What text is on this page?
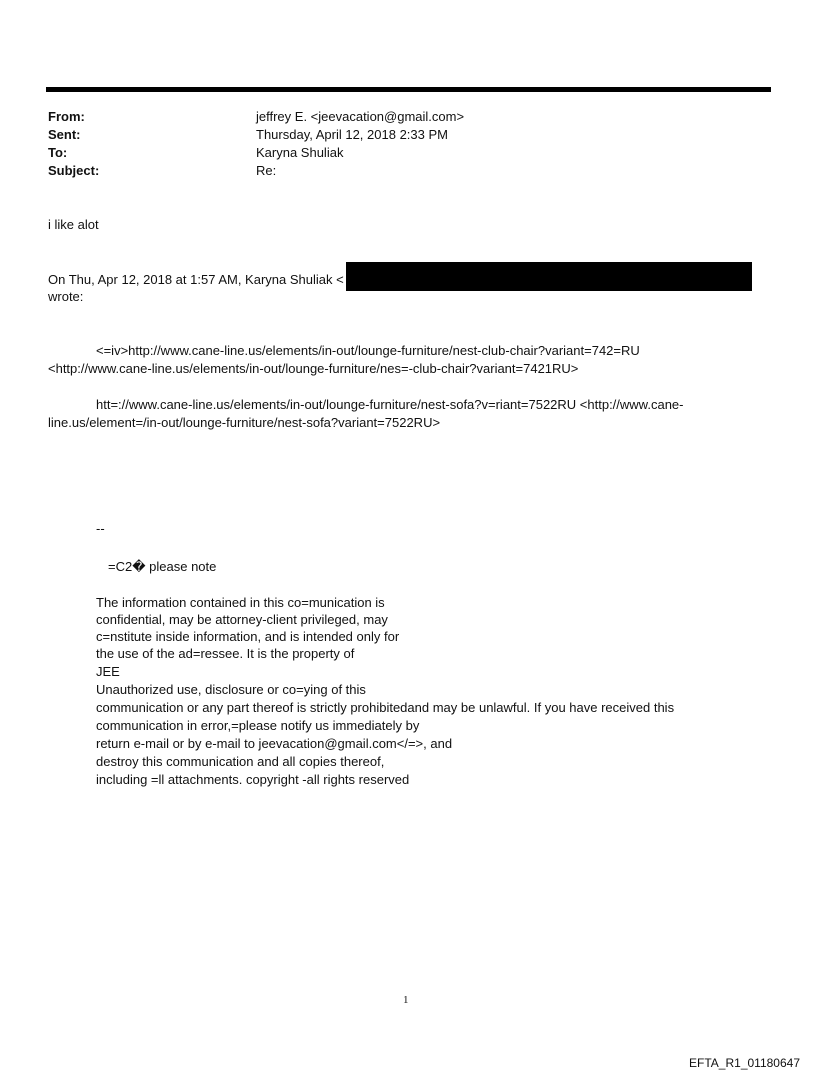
From:	jeffrey E. <jeevacation@gmail.com>
Sent:	Thursday, April 12, 2018 2:33 PM
To:	Karyna Shuliak
Subject:	Re:
i like alot
On Thu, Apr 12, 2018 at 1:57 AM, Karyna Shuliak <
wrote:
<=iv>http://www.cane-line.us/elements/in-out/lounge-furniture/nest-club-chair?variant=742=RU
<http://www.cane-line.us/elements/in-out/lounge-furniture/nes=-club-chair?variant=7421RU>
htt=://www.cane-line.us/elements/in-out/lounge-furniture/nest-sofa?v=riant=7522RU <http://www.cane-
line.us/element=/in-out/lounge-furniture/nest-sofa?variant=7522RU>
--
=C2� please note
The information contained in this co=munication is
confidential, may be attorney-client privileged, may
c=nstitute inside information, and is intended only for
the use of the ad=ressee. It is the property of
JEE
Unauthorized use, disclosure or co=ying of this
communication or any part thereof is strictly prohibitedand may be unlawful. If you have received this
communication in error,=please notify us immediately by
return e-mail or by e-mail to jeevacation@gmail.com</=>, and
destroy this communication and all copies thereof,
including =ll attachments. copyright -all rights reserved
1
EFTA_R1_01180647
